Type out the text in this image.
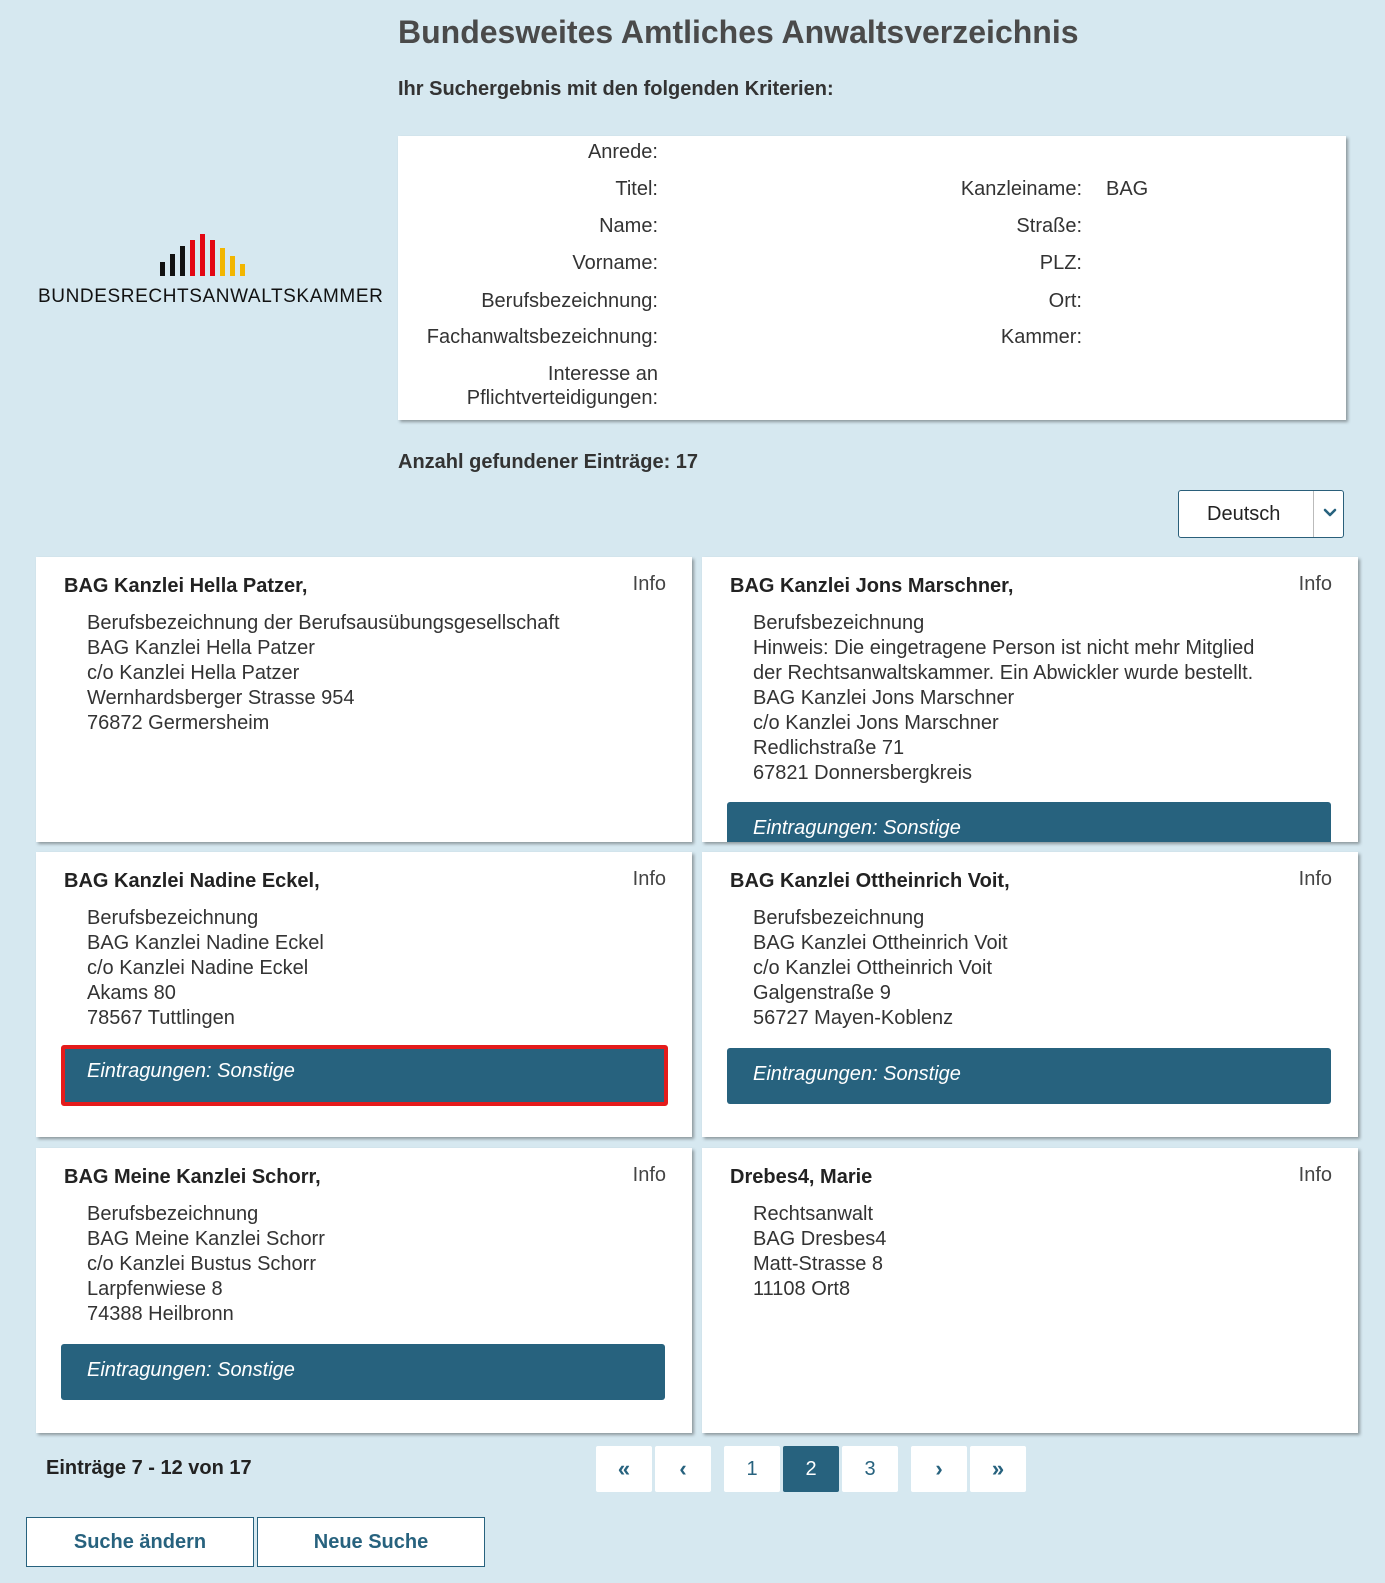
Bundesweites Amtliches Anwaltsverzeichnis
Ihr Suchergebnis mit den folgenden Kriterien:
BUNDESRECHTSANWALTSKAMMER
Anrede:
Titel:
Name:
Vorname:
Berufsbezeichnung:
Fachanwaltsbezeichnung:
Interesse an Pflichtverteidigungen:
Kanzleiname: BAG
Straße:
PLZ:
Ort:
Kammer:
Anzahl gefundener Einträge: 17
Deutsch
BAG Kanzlei Hella Patzer,	Info
Berufsbezeichnung der Berufsausübungsgesellschaft
BAG Kanzlei Hella Patzer
c/o Kanzlei Hella Patzer
Wernhardsberger Strasse 954
76872 Germersheim
BAG Kanzlei Jons Marschner,	Info
Berufsbezeichnung
Hinweis: Die eingetragene Person ist nicht mehr Mitglied
der Rechtsanwaltskammer. Ein Abwickler wurde bestellt.
BAG Kanzlei Jons Marschner
c/o Kanzlei Jons Marschner
Redlichstraße 71
67821 Donnersbergkreis
Eintragungen: Sonstige
BAG Kanzlei Nadine Eckel,	Info
Berufsbezeichnung
BAG Kanzlei Nadine Eckel
c/o Kanzlei Nadine Eckel
Akams 80
78567 Tuttlingen
Eintragungen: Sonstige
BAG Kanzlei Ottheinrich Voit,	Info
Berufsbezeichnung
BAG Kanzlei Ottheinrich Voit
c/o Kanzlei Ottheinrich Voit
Galgenstraße 9
56727 Mayen-Koblenz
Eintragungen: Sonstige
BAG Meine Kanzlei Schorr,	Info
Berufsbezeichnung
BAG Meine Kanzlei Schorr
c/o Kanzlei Bustus Schorr
Larpfenwiese 8
74388 Heilbronn
Eintragungen: Sonstige
Drebes4, Marie	Info
Rechtsanwalt
BAG Dresbes4
Matt-Strasse 8
11108 Ort8
Einträge 7 - 12 von 17	«	‹	1	2	3	›	»
Suche ändern	Neue Suche
